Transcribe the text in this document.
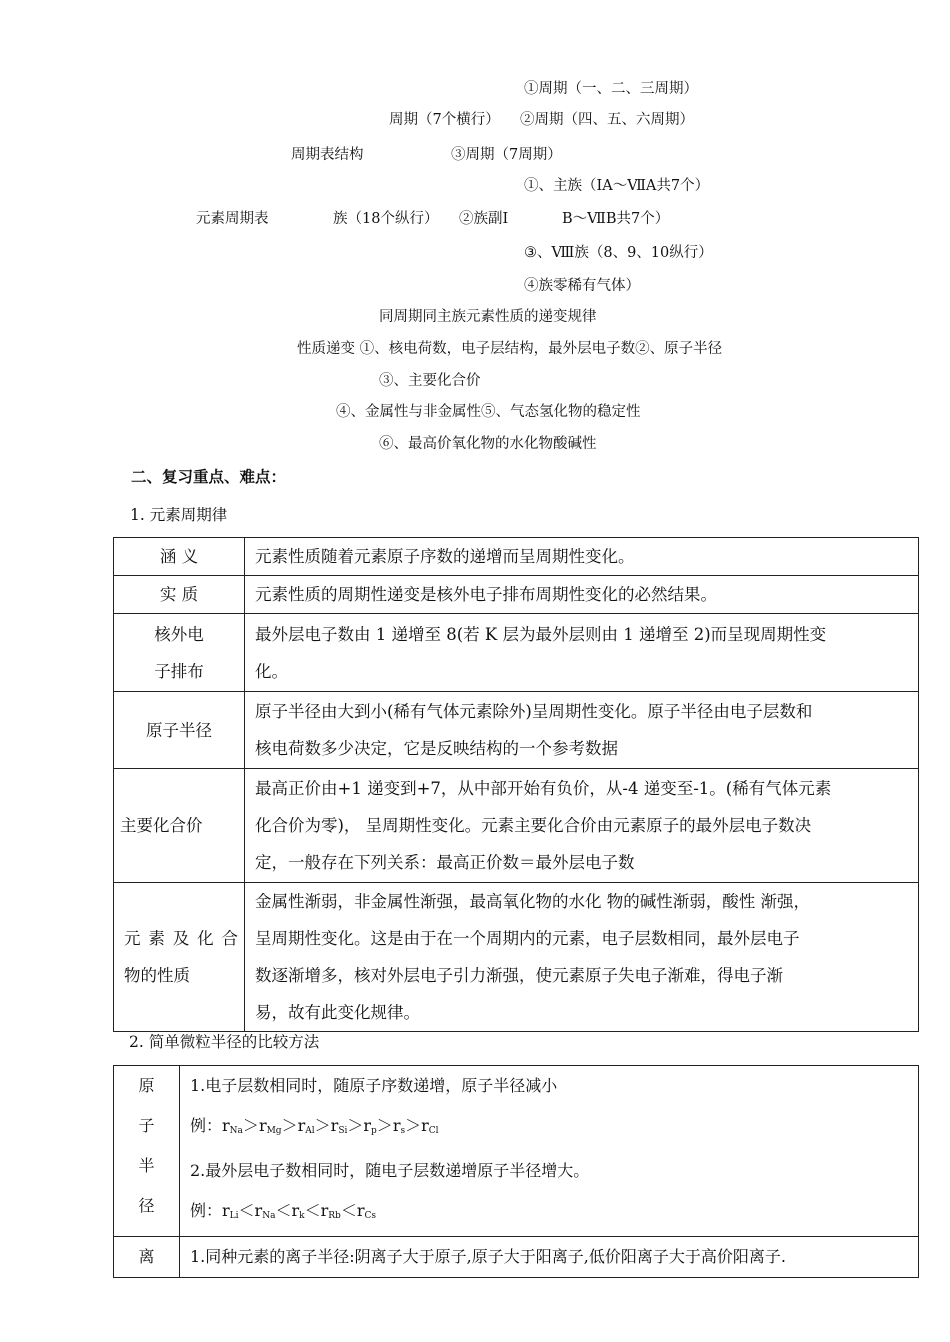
①周期（一、二、三周期）
周期（7个横行） ②周期（四、五、六周期）
周期表结构	③周期（7周期）
①、主族（ⅠA～ⅦA共7个）
元素周期表	族（18个纵行） ②族副Ⅰ	B～ⅦB共7个）
③、Ⅷ族（8、9、10纵行）
④族零稀有气体）
同周期同主族元素性质的递变规律
性质递变 ①、核电荷数，电子层结构，最外层电子数②、原子半径
③、主要化合价
④、金属性与非金属性⑤、气态氢化物的稳定性
⑥、最高价氧化物的水化物酸碱性
二、复习重点、难点：
1. 元素周期律
涵 义	元素性质随着元素原子序数的递增而呈周期性变化。

实 质	元素性质的周期性递变是核外电子排布周期性变化的必然结果。

核外电
子排布	最外层电子数由 1 递增至 8(若 K 层为最外层则由 1 递增至 2)而呈现周期性变
化。

原子半径	原子半径由大到小(稀有气体元素除外)呈周期性变化。原子半径由电子层数和
核电荷数多少决定，它是反映结构的一个参考数据

主要化合价	最高正价由+1 递变到+7，从中部开始有负价，从-4 递变至-1。(稀有气体元素
化合价为零)， 呈周期性变化。元素主要化合价由元素原子的最外层电子数决
定，一般存在下列关系：最高正价数＝最外层电子数

元素及化合
物的性质	金属性渐弱，非金属性渐强，最高氧化物的水化 物的碱性渐弱，酸性 渐强，
呈周期性变化。这是由于在一个周期内的元素，电子层数相同，最外层电子
数逐渐增多，核对外层电子引力渐强，使元素原子失电子渐难，得电子渐
易，故有此变化规律。
2. 简单微粒半径的比较方法
原
子
半
径	1.电子层数相同时，随原子序数递增，原子半径减小
例：$r_{Na}>r_{Mg}>r_{Al}>r_{Si}>r_p>r_s>r_{Cl}$
2.最外层电子数相同时，随电子层数递增原子半径增大。
例：$r_{Li}<r_{Na}<r_k<r_{Rb}<r_{Cs}$

离	1.同种元素的离子半径:阴离子大于原子,原子大于阳离子,低价阳离子大于高价阳离子.
